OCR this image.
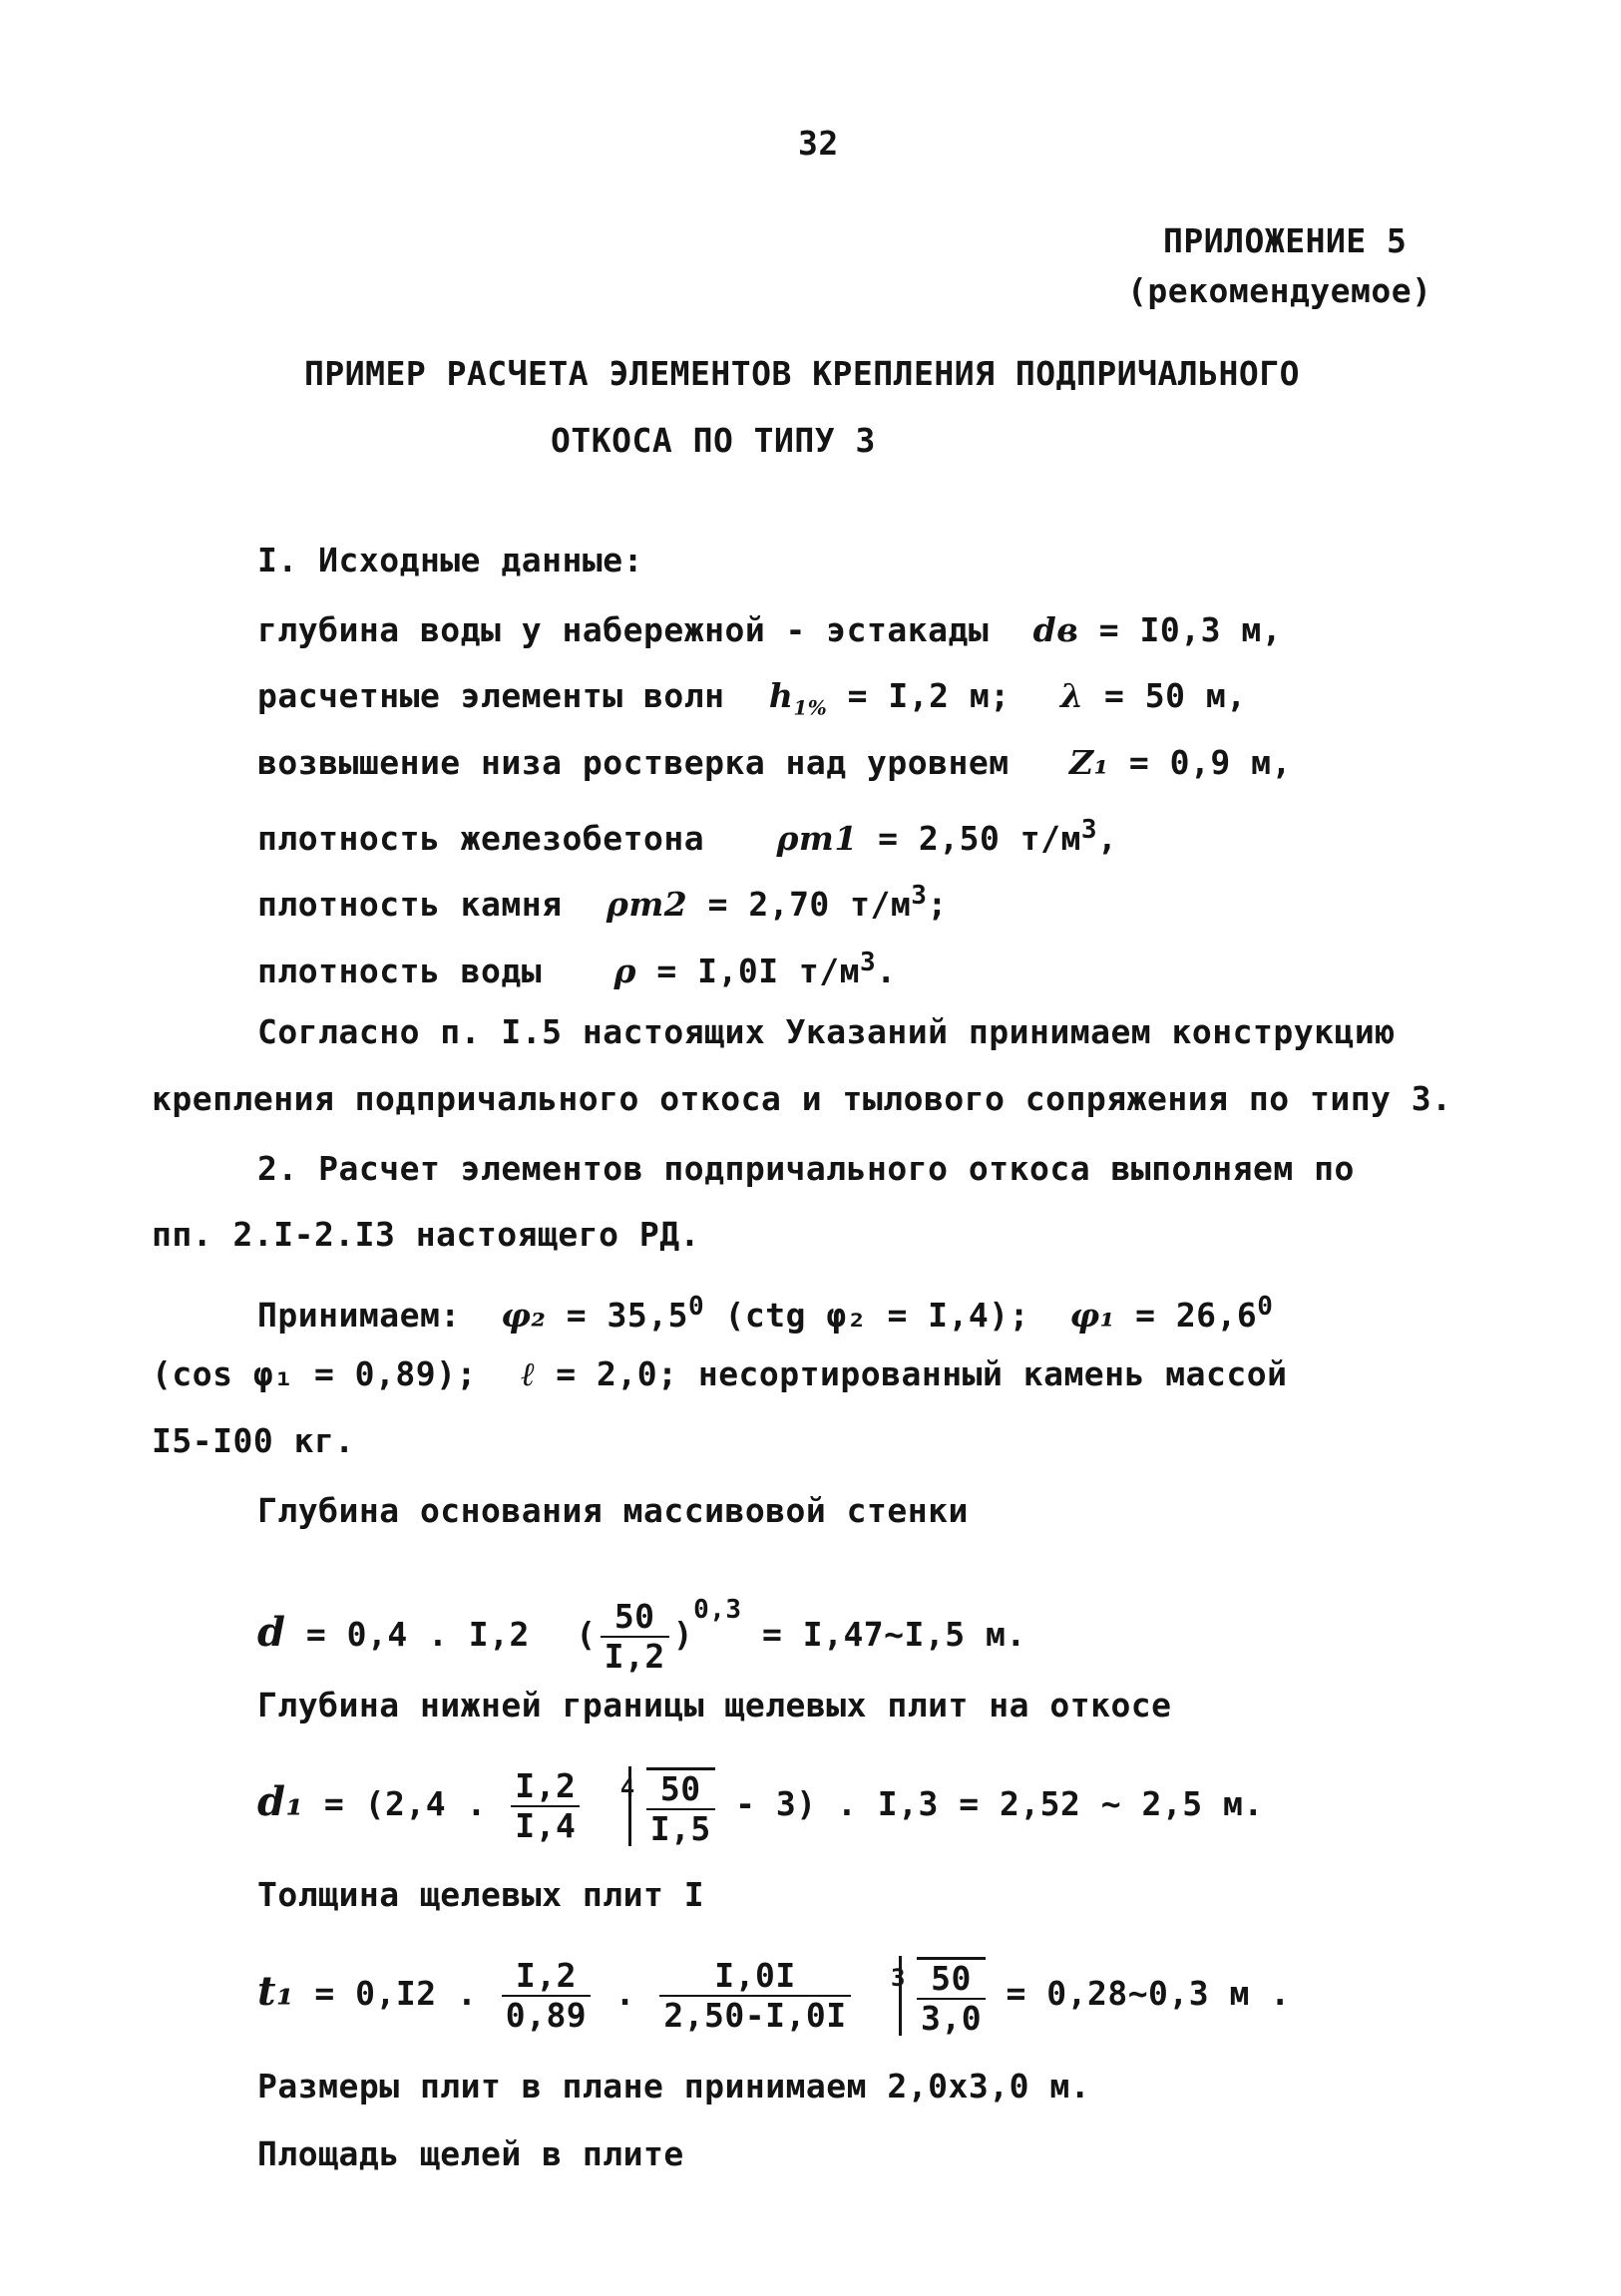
32
ПРИЛОЖЕНИЕ 5
(рекомендуемое)
ПРИМЕР РАСЧЕТА ЭЛЕМЕНТОВ КРЕПЛЕНИЯ ПОДПРИЧАЛЬНОГО
ОТКОСА ПО ТИПУ 3
I. Исходные данные:
глубина воды у набережной - эстакады dв = I0,3 м,
расчетные элементы волн $h_{1\%} = I,2$ м; λ = 50 м,
возвышение низа ростверка над уровнем Z₁ = 0,9 м,
плотность железобетона ρm1 = 2,50 $т/м^3$,
плотность камня ρm2 = 2,70 $т/м^3$;
плотность воды ρ = I,0I $т/м^3$.
Согласно п. I.5 настоящих Указаний принимаем конструкцию
крепления подпричального откоса и тылового сопряжения по типу 3.
2. Расчет элементов подпричального откоса выполняем по
пп. 2.I-2.I3 настоящего РД.
Принимаем: $\varphi_2 = 35,5^0$ (ctg φ₂ = I,4); $\varphi_1 = 26,6^0$
(cos φ₁ = 0,89); ℓ = 2,0; несортированный камень массой
I5-I00 кг.
Глубина основания массивовой стенки
d = 0,4 . I,2 ( $\frac{50}{I,2} )^{0,3}$ = I,47~I,5 м.
Глубина нижней границы щелевых плит на откосе
d₁ = (2,4 . $\frac{I,2}{I,4}$
$4 \frac{50}{I,5} - 3$) . I,3 = 2,52 ~ 2,5 м.
Толщина щелевых плит I
t₁ = 0,I2 . $\frac{I,2}{0,89}$ . $\frac{I,0I}{2,50-I,0I}$
$3 \frac{50}{3,0}$ = 0,28~0,3 м .
Размеры плит в плане принимаем 2,0х3,0 м.
Площадь щелей в плите
